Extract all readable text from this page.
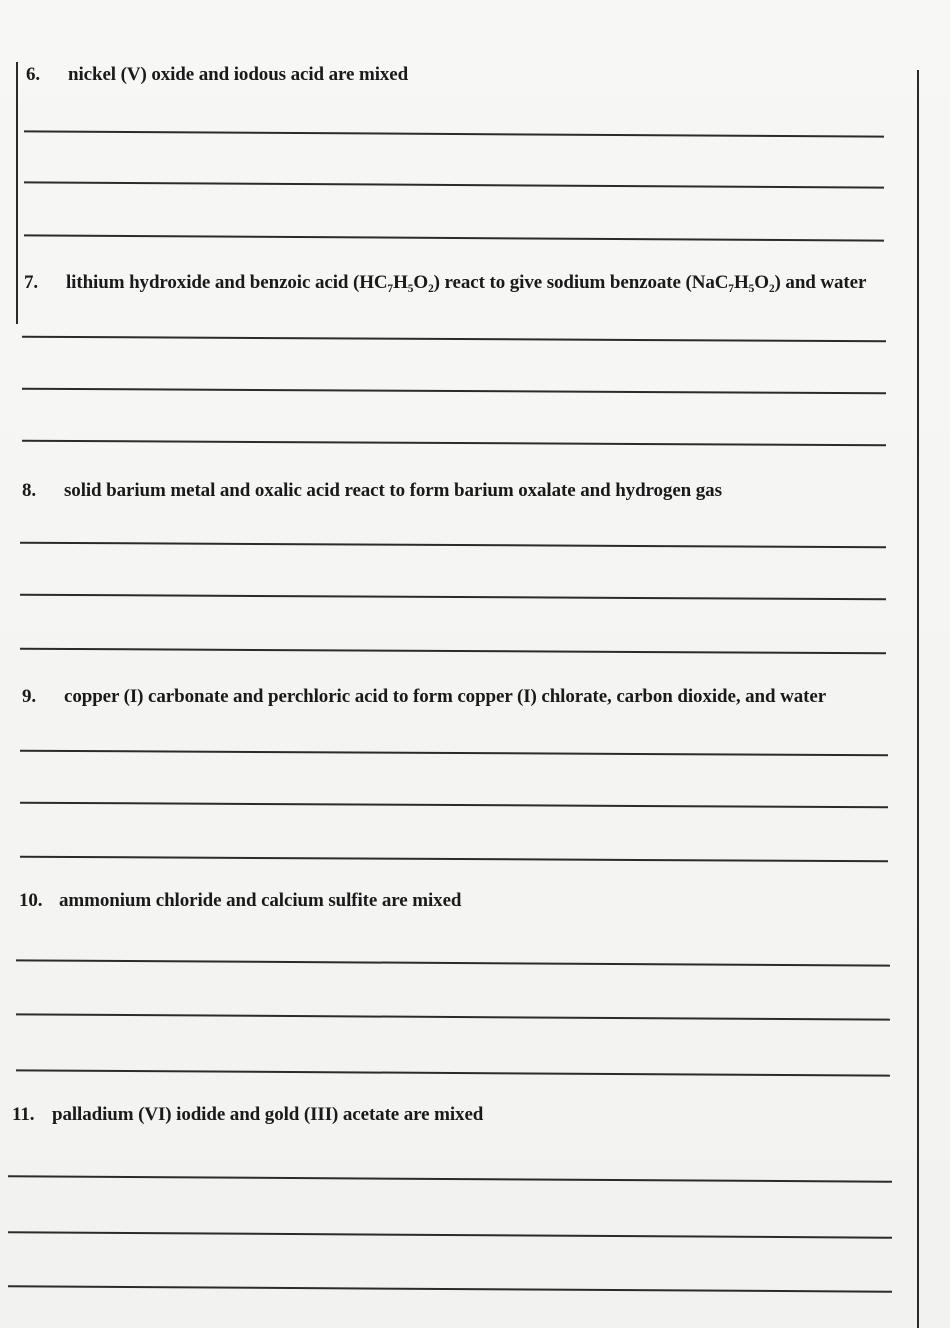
6. nickel (V) oxide and iodous acid are mixed
7. lithium hydroxide and benzoic acid (HC₇H₅O₂) react to give sodium benzoate (NaC₇H₅O₂) and water
8. solid barium metal and oxalic acid react to form barium oxalate and hydrogen gas
9. copper (I) carbonate and perchloric acid to form copper (I) chlorate, carbon dioxide, and water
10. ammonium chloride and calcium sulfite are mixed
11. palladium (VI) iodide and gold (III) acetate are mixed
